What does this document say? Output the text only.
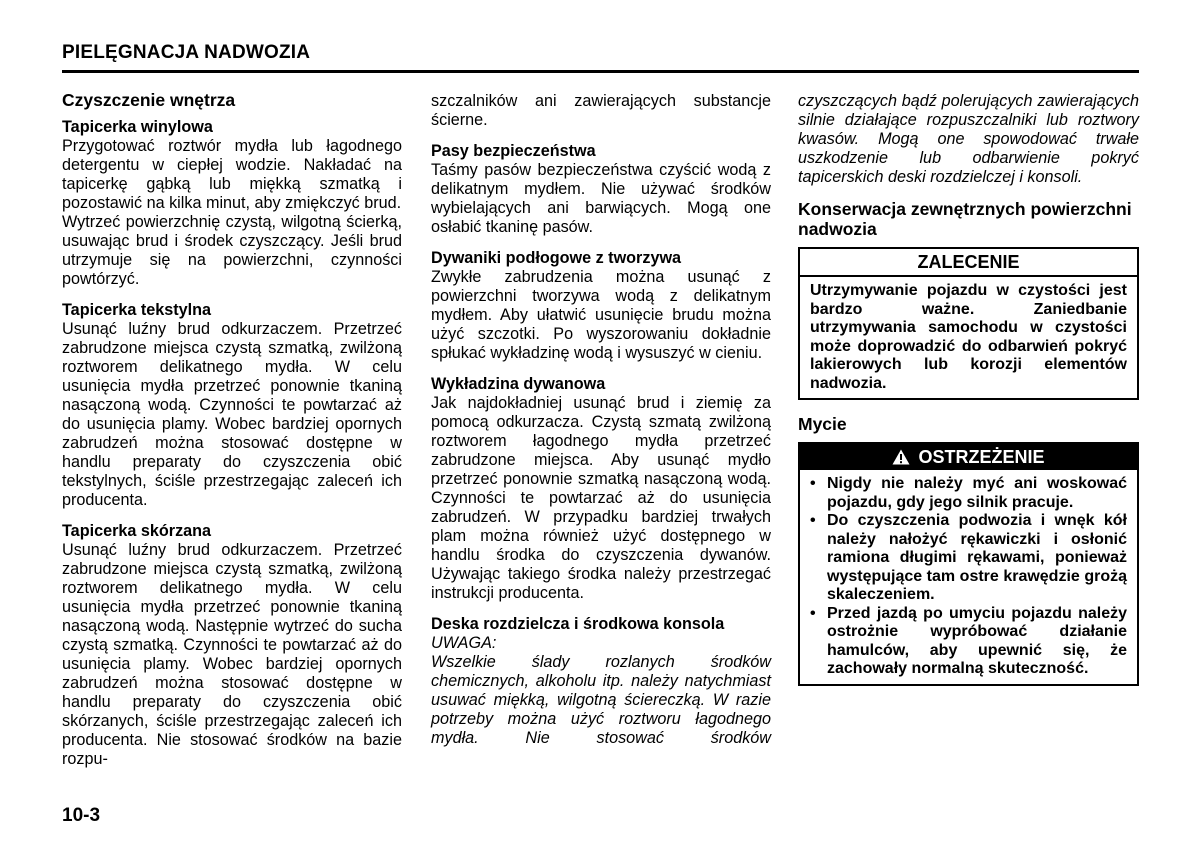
PIELĘGNACJA NADWOZIA
Czyszczenie wnętrza
Tapicerka winylowa

Przygotować roztwór mydła lub łagodnego detergentu w ciepłej wodzie. Nakładać na tapicerkę gąbką lub miękką szmatką i pozostawić na kilka minut, aby zmiękczyć brud.

Wytrzeć powierzchnię czystą, wilgotną ścierką, usuwając brud i środek czyszczący. Jeśli brud utrzymuje się na powierzchni, czynności powtórzyć.

Tapicerka tekstylna

Usunąć luźny brud odkurzaczem. Przetrzeć zabrudzone miejsca czystą szmatką, zwilżoną roztworem delikatnego mydła. W celu usunięcia mydła przetrzeć ponownie tkaniną nasączoną wodą. Czynności te powtarzać aż do usunięcia plamy. Wobec bardziej opornych zabrudzeń można stosować dostępne w handlu preparaty do czyszczenia obić tekstylnych, ściśle przestrzegając zaleceń ich producenta.

Tapicerka skórzana

Usunąć luźny brud odkurzaczem. Przetrzeć zabrudzone miejsca czystą szmatką, zwilżoną roztworem delikatnego mydła. W celu usunięcia mydła przetrzeć ponownie tkaniną nasączoną wodą. Następnie wytrzeć do sucha czystą szmatką. Czynności te powtarzać aż do usunięcia plamy. Wobec bardziej opornych zabrudzeń można stosować dostępne w handlu preparaty do czyszczenia obić skórzanych, ściśle przestrzegając zaleceń ich producenta. Nie stosować środków na bazie rozpu-

szczalników ani zawierających substancje ścierne.

Pasy bezpieczeństwa

Taśmy pasów bezpieczeństwa czyścić wodą z delikatnym mydłem. Nie używać środków wybielających ani barwiących. Mogą one osłabić tkaninę pasów.

Dywaniki podłogowe z tworzywa

Zwykłe zabrudzenia można usunąć z powierzchni tworzywa wodą z delikatnym mydłem. Aby ułatwić usunięcie brudu można użyć szczotki. Po wyszorowaniu dokładnie spłukać wykładzinę wodą i wysuszyć w cieniu.

Wykładzina dywanowa

Jak najdokładniej usunąć brud i ziemię za pomocą odkurzacza. Czystą szmatą zwilżoną roztworem łagodnego mydła przetrzeć zabrudzone miejsca. Aby usunąć mydło przetrzeć ponownie szmatką nasączoną wodą. Czynności te powtarzać aż do usunięcia zabrudzeń. W przypadku bardziej trwałych plam można również użyć dostępnego w handlu środka do czyszczenia dywanów. Używając takiego środka należy przestrzegać instrukcji producenta.

Deska rozdzielcza i środkowa konsola
UWAGA:

Wszelkie ślady rozlanych środków chemicznych, alkoholu itp. należy natychmiast usuwać miękką, wilgotną ściereczką. W razie potrzeby można użyć roztworu łagodnego mydła. Nie stosować środków

czyszczących bądź polerujących zawierających silnie działające rozpuszczalniki lub roztwory kwasów. Mogą one spowodować trwałe uszkodzenie lub odbarwienie pokryć tapicerskich deski rozdzielczej i konsoli.

Konserwacja zewnętrznych powierzchni nadwozia
ZALECENIE
Utrzymywanie pojazdu w czystości jest bardzo ważne. Zaniedbanie utrzymywania samochodu w czystości może doprowadzić do odbarwień pokryć lakierowych lub korozji elementów nadwozia.
Mycie
OSTRZEŻENIE
• Nigdy nie należy myć ani woskować pojazdu, gdy jego silnik pracuje.
• Do czyszczenia podwozia i wnęk kół należy nałożyć rękawiczki i osłonić ramiona długimi rękawami, ponieważ występujące tam ostre krawędzie grożą skaleczeniem.
• Przed jazdą po umyciu pojazdu należy ostrożnie wypróbować działanie hamulców, aby upewnić się, że zachowały normalną skuteczność.
10-3
